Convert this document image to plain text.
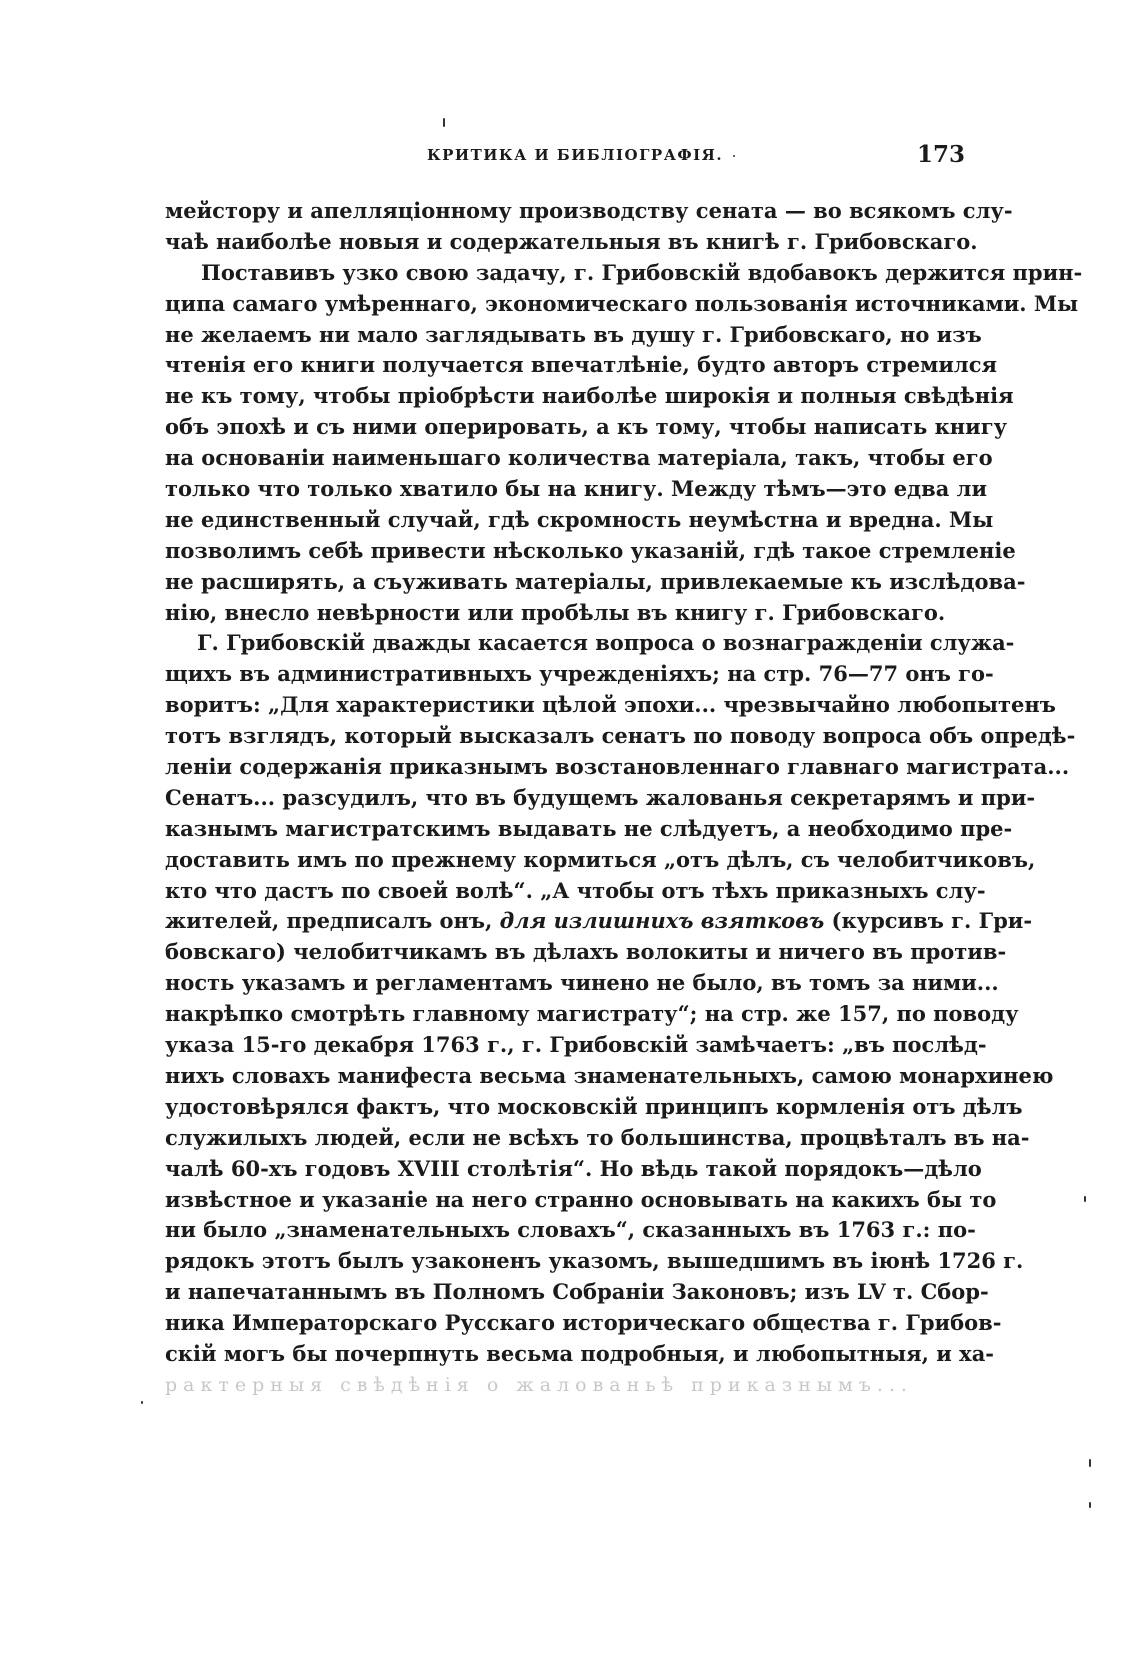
КРИТИКА И БИБЛІОГРАФІЯ.	173
мейстору и апелляціонному производству сената — во всякомъ слу-
чаѣ наиболѣе новыя и содержательныя въ книгѣ г. Грибовскаго.
Поставивъ узко свою задачу, г. Грибовскій вдобавокъ держится прин-
ципа самаго умѣреннаго, экономическаго пользованія источниками. Мы
не желаемъ ни мало заглядывать въ душу г. Грибовскаго, но изъ
чтенія его книги получается впечатлѣніе, будто авторъ стремился
не къ тому, чтобы пріобрѣсти наиболѣе широкія и полныя свѣдѣнія
объ эпохѣ и съ ними оперировать, а къ тому, чтобы написать книгу
на основаніи наименьшаго количества матеріала, такъ, чтобы его
только что только хватило бы на книгу. Между тѣмъ—это едва ли
не единственный случай, гдѣ скромность неумѣстна и вредна. Мы
позволимъ себѣ привести нѣсколько указаній, гдѣ такое стремленіе
не расширять, а съуживать матеріалы, привлекаемые къ изслѣдова-
нію, внесло невѣрности или пробѣлы въ книгу г. Грибовскаго.
Г. Грибовскій дважды касается вопроса о вознагражденіи служа-
щихъ въ административныхъ учрежденіяхъ; на стр. 76—77 онъ го-
воритъ: „Для характеристики цѣлой эпохи... чрезвычайно любопытенъ
тотъ взглядъ, который высказалъ сенатъ по поводу вопроса объ опредѣ-
леніи содержанія приказнымъ возстановленнаго главнаго магистрата...
Сенатъ... разсудилъ, что въ будущемъ жалованья секретарямъ и при-
казнымъ магистратскимъ выдавать не слѣдуетъ, а необходимо пре-
доставить имъ по прежнему кормиться „отъ дѣлъ, съ челобитчиковъ,
кто что дастъ по своей волѣ“. „А чтобы отъ тѣхъ приказныхъ слу-
жителей, предписалъ онъ, для излишнихъ взятковъ (курсивъ г. Гри-
бовскаго) челобитчикамъ въ дѣлахъ волокиты и ничего въ против-
ность указамъ и регламентамъ чинено не было, въ томъ за ними...
накрѣпко смотрѣть главному магистрату“; на стр. же 157, по поводу
указа 15-го декабря 1763 г., г. Грибовскій замѣчаетъ: „въ послѣд-
нихъ словахъ манифеста весьма знаменательныхъ, самою монархинею
удостовѣрялся фактъ, что московскій принципъ кормленія отъ дѣлъ
служилыхъ людей, если не всѣхъ то большинства, процвѣталъ въ на-
чалѣ 60-хъ годовъ XVIII столѣтія“. Но вѣдь такой порядокъ—дѣло
извѣстное и указаніе на него странно основывать на какихъ бы то
ни было „знаменательныхъ словахъ“, сказанныхъ въ 1763 г.: по-
рядокъ этотъ былъ узаконенъ указомъ, вышедшимъ въ іюнѣ 1726 г.
и напечатаннымъ въ Полномъ Собраніи Законовъ; изъ LV т. Сбор-
ника Императорскаго Русскаго историческаго общества г. Грибов-
скій могъ бы почерпнуть весьма подробныя, и любопытныя, и ха-
рактерныя свѣдѣнія о жалованьѣ приказнымъ...
